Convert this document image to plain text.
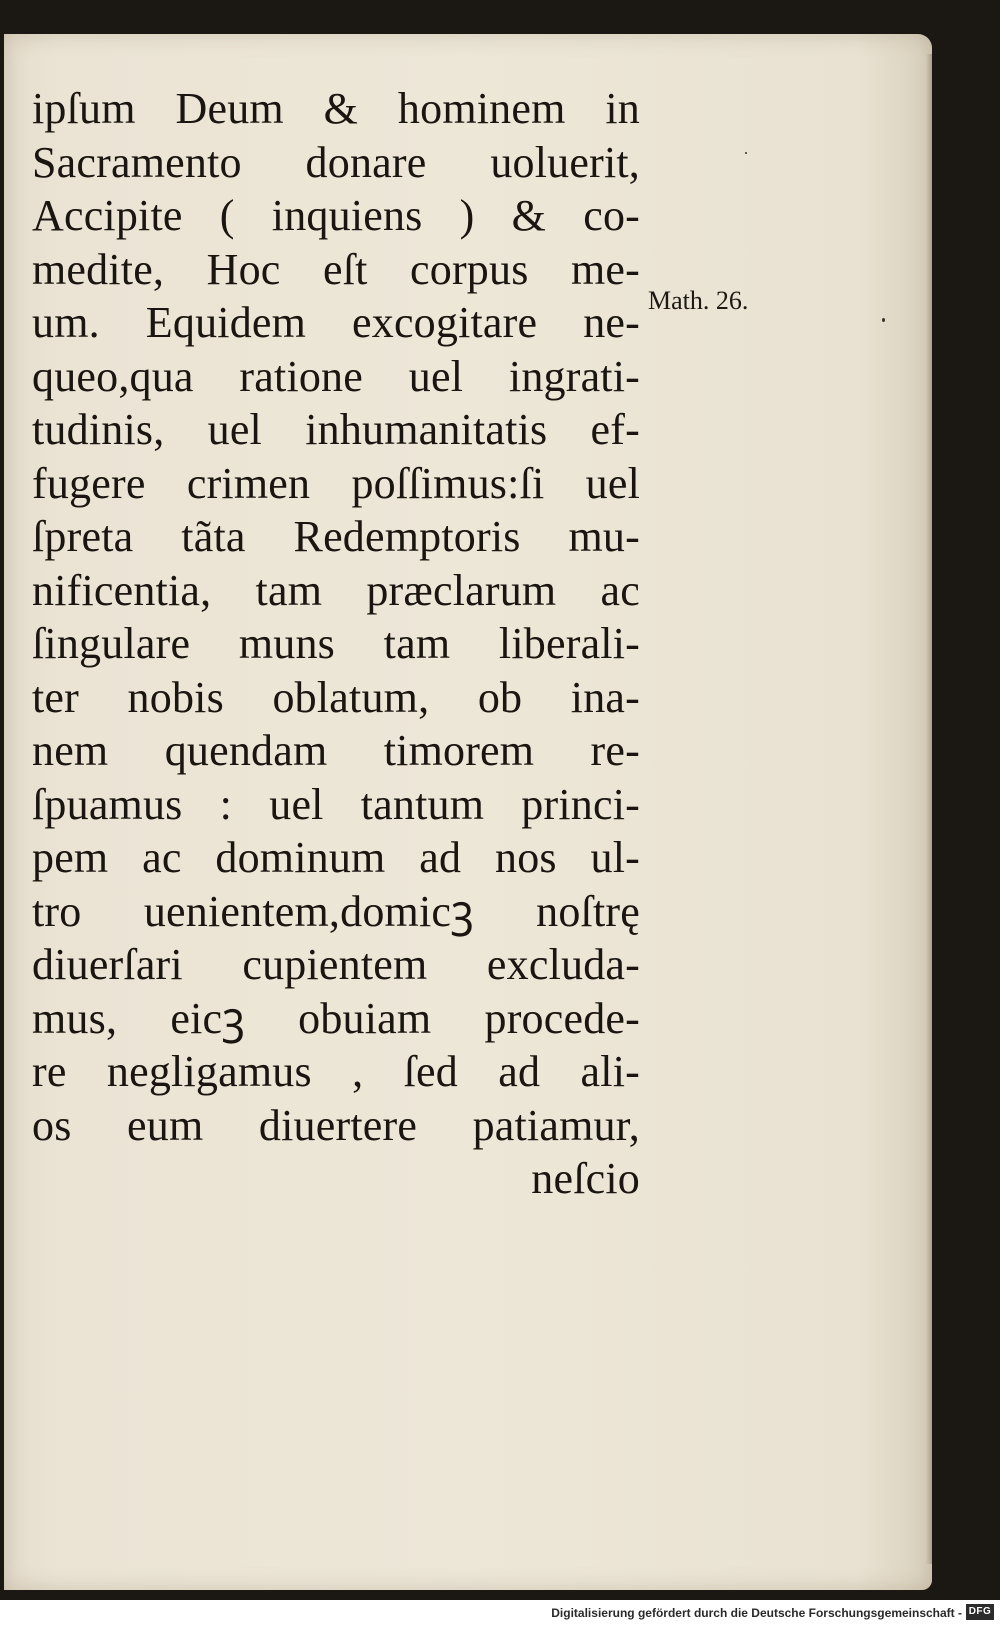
ipſum Deum & hominem in
Sacramento donare uoluerit,
Accipite ( inquiens ) & co-
medite, Hoc eſt corpus me-
um. Equidem excogitare ne-
queo,qua ratione uel ingrati-
tudinis, uel inhumanitatis ef-
fugere crimen poſſimus:ſi uel
ſpreta tãta Redemptoris mu-
nificentia, tam præclarum ac
ſingulare muns tam liberali-
ter nobis oblatum, ob ina-
nem quendam timorem re-
ſpuamus : uel tantum princi-
pem ac dominum ad nos ul-
tro uenientem,domicꝫ noſtrę
diuerſari cupientem excluda-
mus, eicꝫ obuiam procede-
re negligamus , ſed ad ali-
os eum diuertere patiamur,
neſcio
Math. 26.
Digitalisierung gefördert durch die Deutsche Forschungsgemeinschaft - DFG
